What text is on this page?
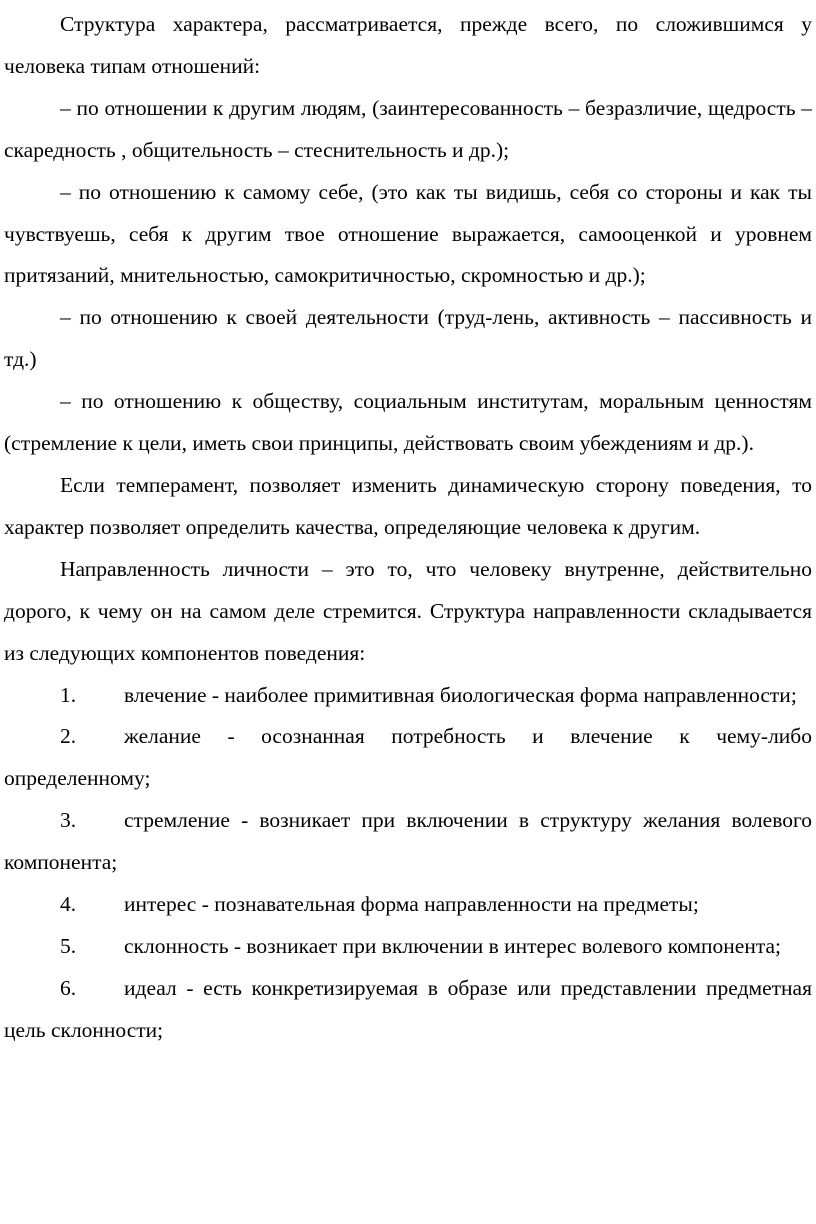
Структура характера, рассматривается, прежде всего, по сложившимся у человека типам отношений:

– по отношении к другим людям, (заинтересованность – безразличие, щедрость – скаредность , общительность – стеснительность и др.);

– по отношению к самому себе, (это как ты видишь, себя со стороны и как ты чувствуешь, себя к другим твое отношение выражается, самооценкой и уровнем притязаний, мнительностью, самокритичностью, скромностью и др.);

– по отношению к своей деятельности (труд-лень, активность – пассивность и тд.)

– по отношению к обществу, социальным институтам, моральным ценностям (стремление к цели, иметь свои принципы, действовать своим убеждениям и др.).

Если темперамент, позволяет изменить динамическую сторону поведения, то характер позволяет определить качества, определяющие человека к другим.

Направленность личности – это то, что человеку внутренне, действительно дорого, к чему он на самом деле стремится. Структура направленности складывается из следующих компонентов поведения:

1. влечение - наиболее примитивная биологическая форма направленности;

2. желание - осознанная потребность и влечение к чему-либо определенному;

3. стремление - возникает при включении в структуру желания волевого компонента;

4. интерес - познавательная форма направленности на предметы;

5. склонность - возникает при включении в интерес волевого компонента;

6. идеал - есть конкретизируемая в образе или представлении предметная цель склонности;
